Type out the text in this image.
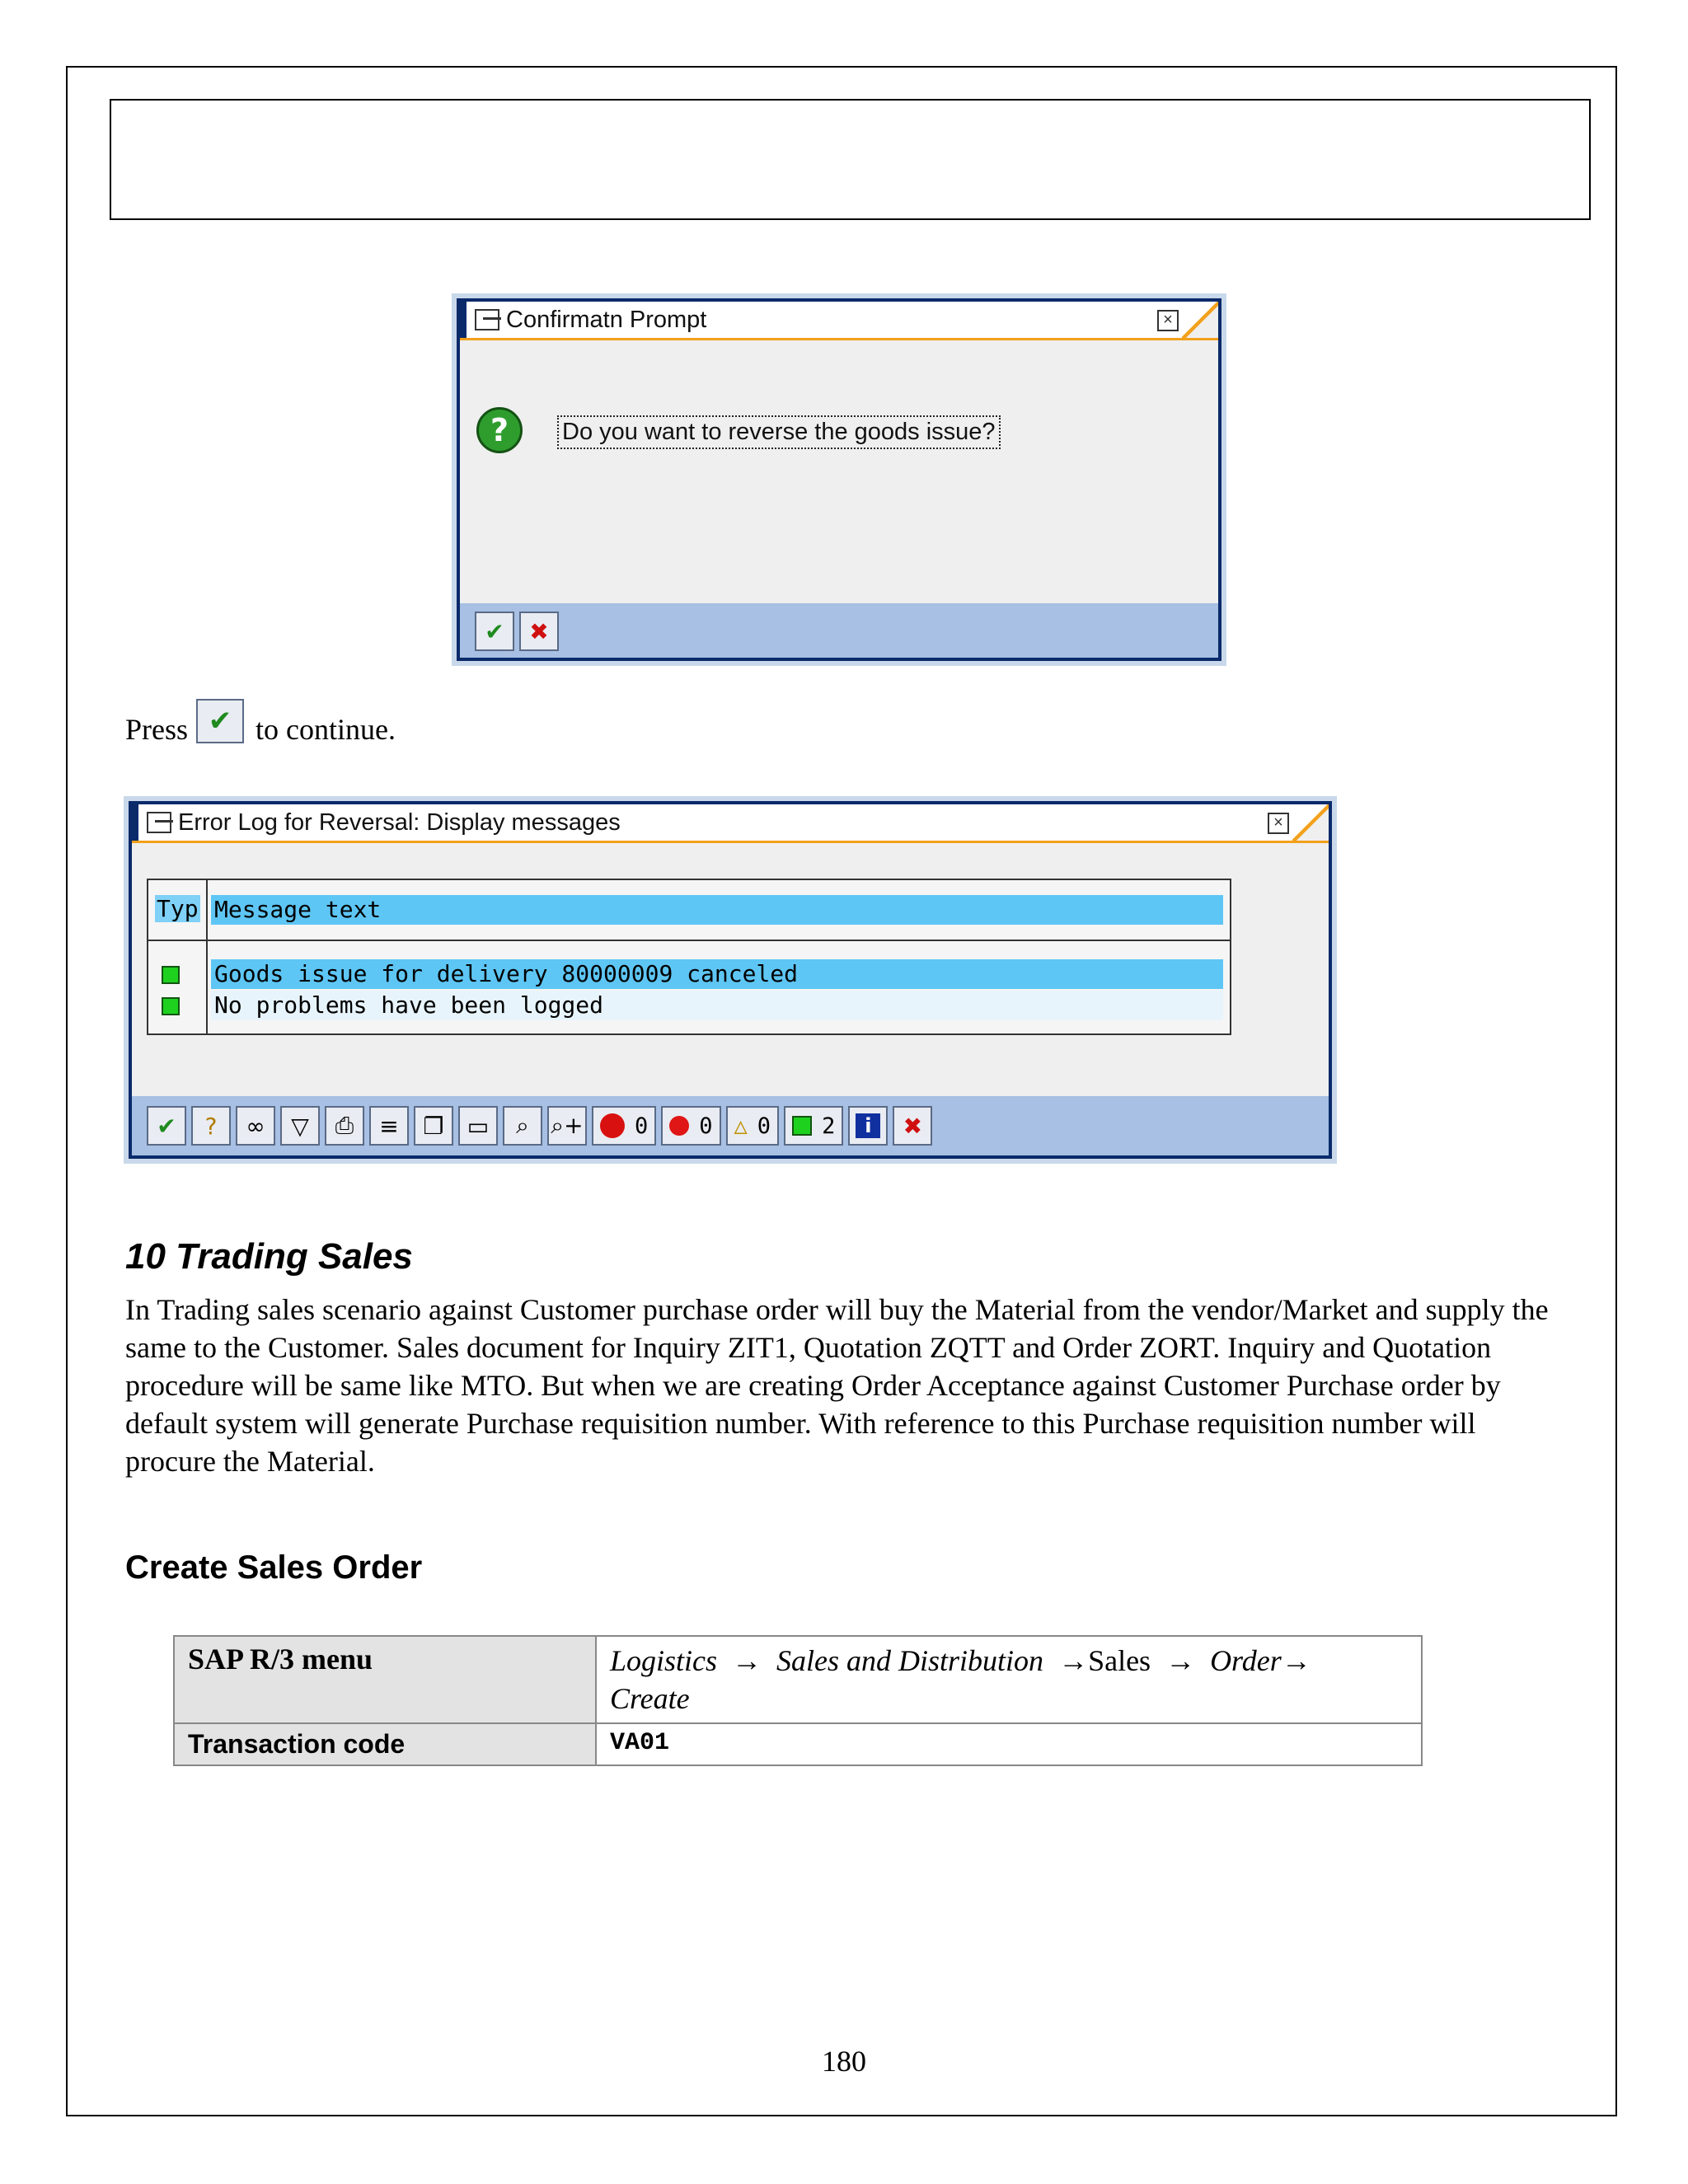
Confirmatn Prompt	×
?	Do you want to reverse the goods issue?
✔ ✖
Press ✔ to continue.
Error Log for Reversal: Display messages	×
Typ Message text
Goods issue for delivery 80000009 canceled
No problems have been logged
✔ ? ∞ ▽ ⎙ ≡ ❐ ▭ ⌕ ⌕+ 0 0 △ 0 2	i	✖
10 Trading Sales
In Trading sales scenario against Customer purchase order will buy the Material from the vendor/Market and supply the same to the Customer. Sales document for Inquiry ZIT1, Quotation ZQTT and Order ZORT. Inquiry and Quotation procedure will be same like MTO. But when we are creating Order Acceptance against Customer Purchase order by default system will generate Purchase requisition number. With reference to this Purchase requisition number will procure the Material.
Create Sales Order
SAP R/3 menu	Logistics  →  Sales and Distribution  →Sales  →  Order→
Create

Transaction code	VA01
180
